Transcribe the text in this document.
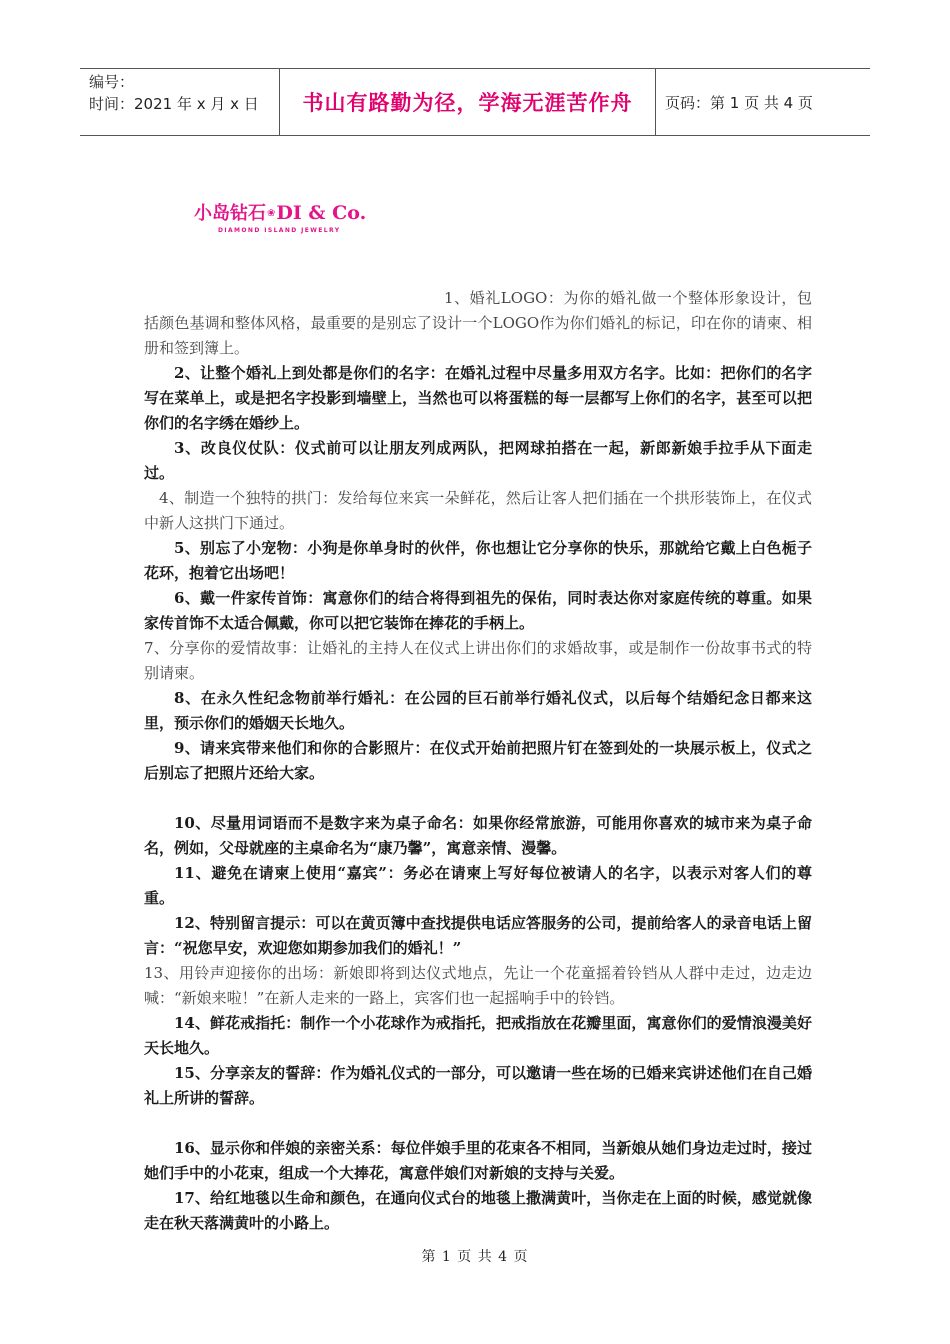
编号：
时间：2021 年 x 月 x 日	书山有路勤为径，学海无涯苦作舟	页码：第 1 页 共 4 页
小岛钻石❀DI & Co.
DIAMOND ISLAND JEWELRY

1、婚礼LOGO：为你的婚礼做一个整体形象设计，包括颜色基调和整体风格，最重要的是别忘了设计一个LOGO作为你们婚礼的标记，印在你的请柬、相册和签到簿上。

2、让整个婚礼上到处都是你们的名字：在婚礼过程中尽量多用双方名字。比如：把你们的名字写在菜单上，或是把名字投影到墙壁上，当然也可以将蛋糕的每一层都写上你们的名字，甚至可以把你们的名字绣在婚纱上。

3、改良仪仗队：仪式前可以让朋友列成两队，把网球拍搭在一起，新郎新娘手拉手从下面走过。

4、制造一个独特的拱门：发给每位来宾一朵鲜花，然后让客人把们插在一个拱形装饰上，在仪式中新人这拱门下通过。

5、别忘了小宠物：小狗是你单身时的伙伴，你也想让它分享你的快乐，那就给它戴上白色栀子花环，抱着它出场吧！

6、戴一件家传首饰：寓意你们的结合将得到祖先的保佑，同时表达你对家庭传统的尊重。如果家传首饰不太适合佩戴，你可以把它装饰在捧花的手柄上。

7、分享你的爱情故事：让婚礼的主持人在仪式上讲出你们的求婚故事，或是制作一份故事书式的特别请柬。

8、在永久性纪念物前举行婚礼：在公园的巨石前举行婚礼仪式，以后每个结婚纪念日都来这里，预示你们的婚姻天长地久。

9、请来宾带来他们和你的合影照片：在仪式开始前把照片钉在签到处的一块展示板上，仪式之后别忘了把照片还给大家。

10、尽量用词语而不是数字来为桌子命名：如果你经常旅游，可能用你喜欢的城市来为桌子命名，例如，父母就座的主桌命名为“康乃馨”，寓意亲情、漫馨。

11、避免在请柬上使用“嘉宾”：务必在请柬上写好每位被请人的名字，以表示对客人们的尊重。

12、特别留言提示：可以在黄页簿中查找提供电话应答服务的公司，提前给客人的录音电话上留言：“祝您早安，欢迎您如期参加我们的婚礼！”

13、用铃声迎接你的出场：新娘即将到达仪式地点，先让一个花童摇着铃铛从人群中走过，边走边喊：“新娘来啦！”在新人走来的一路上，宾客们也一起摇响手中的铃铛。

14、鲜花戒指托：制作一个小花球作为戒指托，把戒指放在花瓣里面，寓意你们的爱情浪漫美好天长地久。

15、分享亲友的誓辞：作为婚礼仪式的一部分，可以邀请一些在场的已婚来宾讲述他们在自己婚礼上所讲的誓辞。

16、显示你和伴娘的亲密关系：每位伴娘手里的花束各不相同，当新娘从她们身边走过时，接过她们手中的小花束，组成一个大捧花，寓意伴娘们对新娘的支持与关爱。

17、给红地毯以生命和颜色，在通向仪式台的地毯上撒满黄叶，当你走在上面的时候，感觉就像走在秋天落满黄叶的小路上。

第 1 页 共 4 页
